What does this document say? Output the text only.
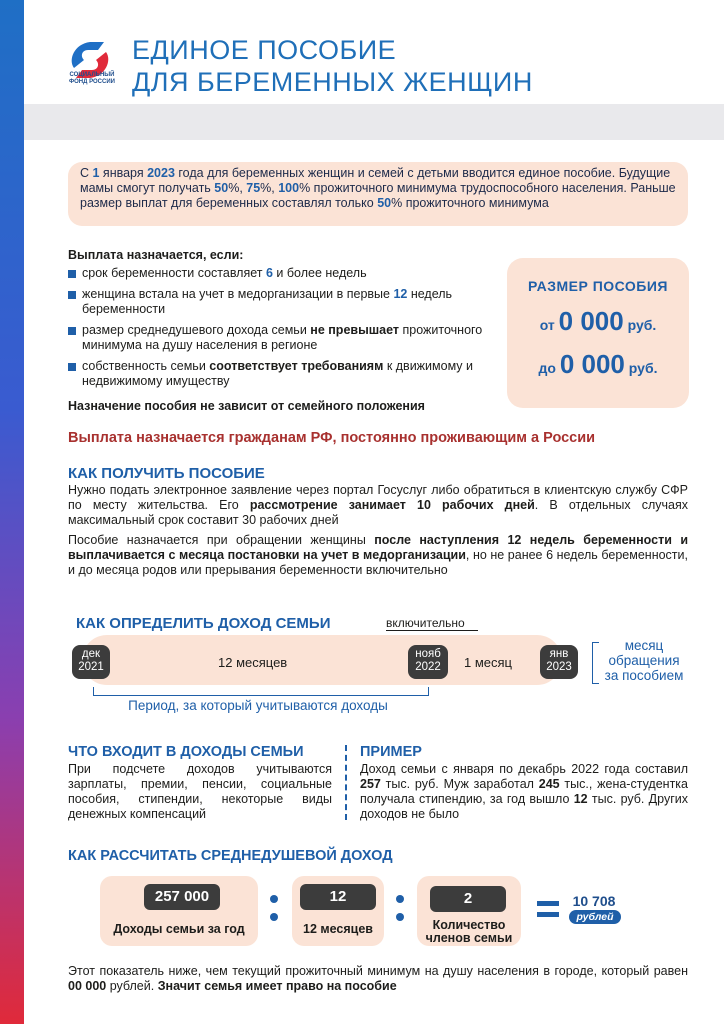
СОЦИАЛЬНЫЙ
ФОНД РОССИИ
ЕДИНОЕ ПОСОБИЕ
ДЛЯ БЕРЕМЕННЫХ ЖЕНЩИН
С 1 января 2023 года для беременных женщин и семей с детьми вводится единое пособие. Будущие мамы смогут получать 50%, 75%, 100% прожиточного минимума трудоспособного населения. Раньше размер выплат для беременных составлял только 50% прожиточного минимума
Выплата назначается, если:
срок беременности составляет 6 и более недель
женщина встала на учет в медорганизации в первые 12 недель беременности
размер среднедушевого дохода семьи не превышает прожиточного минимума на душу населения в регионе
собственность семьи соответствует требованиям к движимому и недвижимому имуществу
Назначение пособия не зависит от семейного положения
РАЗМЕР ПОСОБИЯ
от 0 000 руб.
до 0 000 руб.
Выплата назначается гражданам РФ, постоянно проживающим а России
КАК ПОЛУЧИТЬ ПОСОБИЕ
Нужно подать электронное заявление через портал Госуслуг либо обратиться в клиентскую службу СФР по месту жительства. Его рассмотрение занимает 10 рабочих дней. В отдельных случаях максимальный срок составит 30 рабочих дней
Пособие назначается при обращении женщины после наступления 12 недель беременности и выплачивается с месяца постановки на учет в медорганизации, но не ранее 6 недель беременности, и до месяца родов или прерывания беременности включительно
КАК ОПРЕДЕЛИТЬ ДОХОД СЕМЬИ	включительно
дек
2021	12 месяцев
нояб
2022	1 месяц
янв
2023
месяц
обращения
за пособием
Период, за который учитываются доходы
ЧТО ВХОДИТ В ДОХОДЫ СЕМЬИ
При подсчете доходов учитываются зарплаты, премии, пенсии, социальные пособия, стипендии, некоторые виды денежных компенсаций
ПРИМЕР
Доход семьи с января по декабрь 2022 года составил 257 тыс. руб. Муж заработал 245 тыс., жена-студентка получала стипендию, за год вышло 12 тыс. руб. Других доходов не было
КАК РАССЧИТАТЬ СРЕДНЕДУШЕВОЙ ДОХОД
257 000
Доходы семьи за год
12
12 месяцев
2
Количество
членов семьи
10 708
рублей
Этот показатель ниже, чем текущий прожиточный минимум на душу населения в городе, который равен 00 000 рублей. Значит семья имеет право на пособие
